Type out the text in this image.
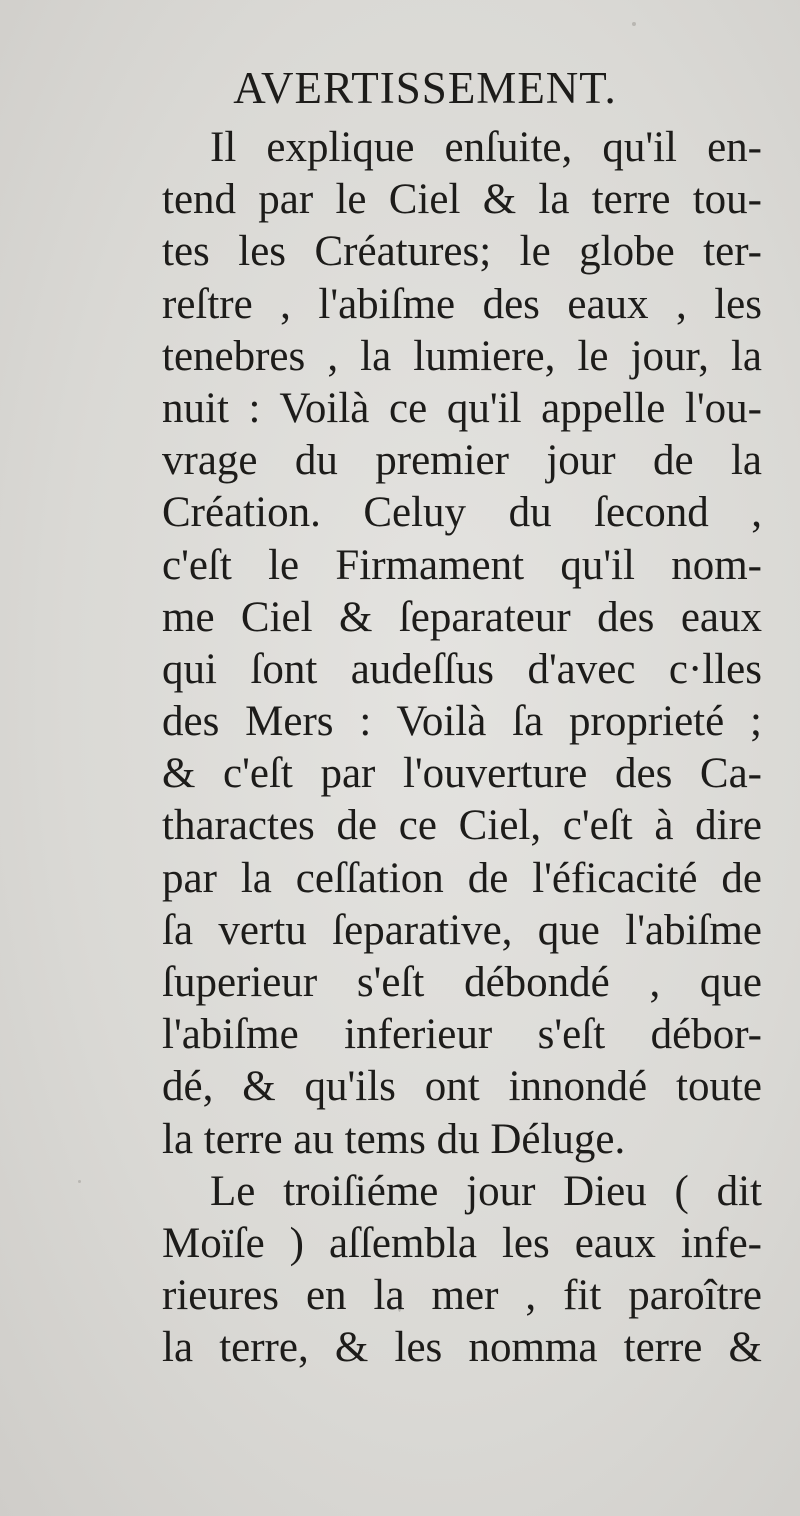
AVERTISSEMENT.
Il explique enſuite, qu'il en-
tend par le Ciel & la terre tou-
tes les Créatures; le globe ter-
reſtre , l'abiſme des eaux , les
tenebres , la lumiere, le jour, la
nuit : Voilà ce qu'il appelle l'ou-
vrage du premier jour de la
Création. Celuy du ſecond ,
c'eſt le Firmament qu'il nom-
me Ciel & ſeparateur des eaux
qui ſont audeſſus d'avec c·lles
des Mers : Voilà ſa proprieté ;
& c'eſt par l'ouverture des Ca-
tharactes de ce Ciel, c'eſt à dire
par la ceſſation de l'éficacité de
ſa vertu ſeparative, que l'abiſme
ſuperieur s'eſt débondé , que
l'abiſme inferieur s'eſt débor-
dé, & qu'ils ont innondé toute
la terre au tems du Déluge.
Le troiſiéme jour Dieu ( dit
Moïſe ) aſſembla les eaux infe-
rieures en la mer , fit paroître
la terre, & les nomma terre &
